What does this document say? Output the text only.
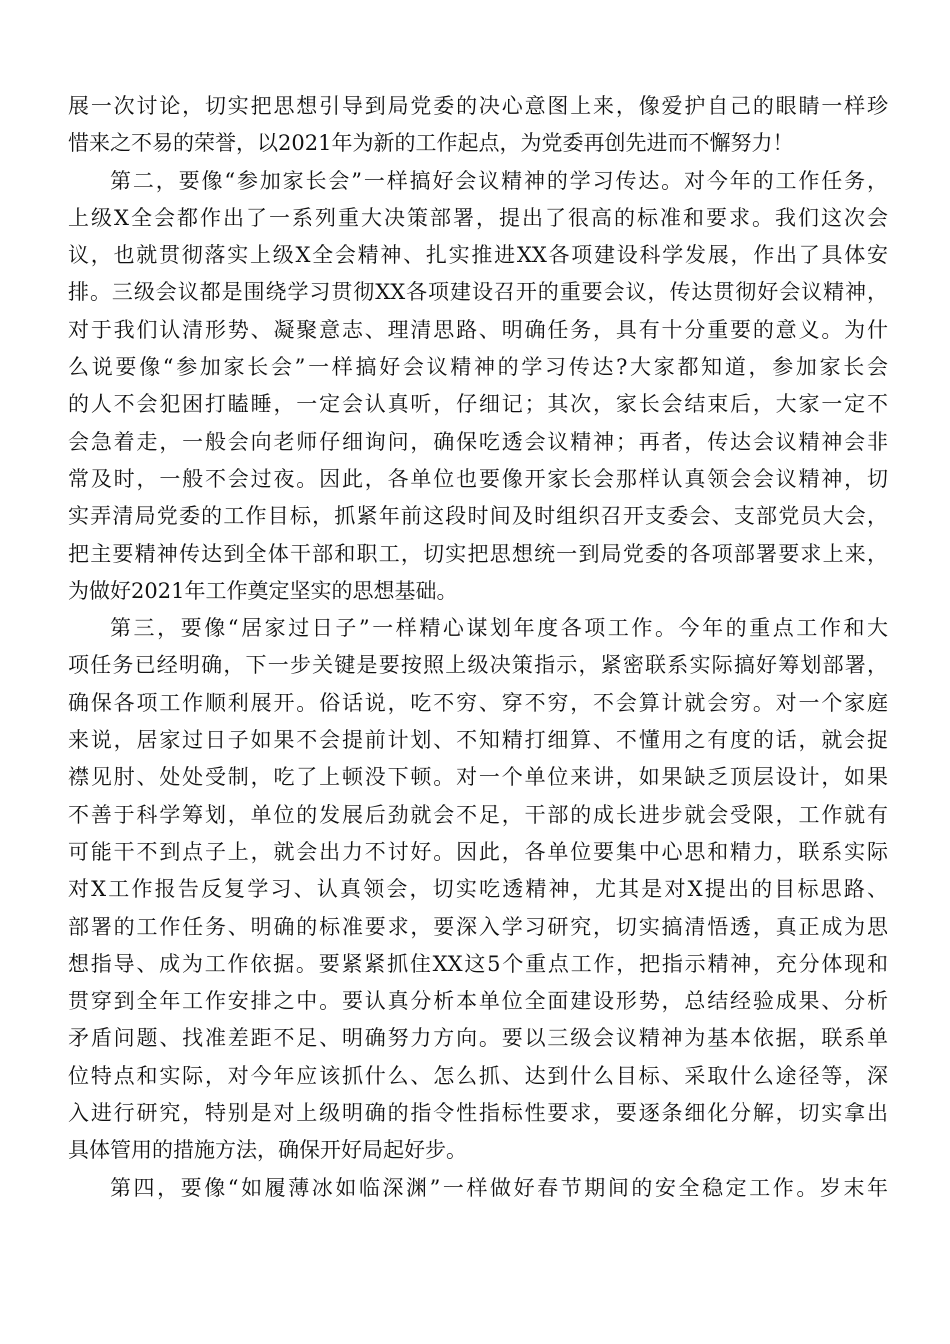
展一次讨论，切实把思想引导到局党委的决心意图上来，像爱护自己的眼睛一样珍
惜来之不易的荣誉，以2021年为新的工作起点，为党委再创先进而不懈努力！
第二，要像“参加家长会”一样搞好会议精神的学习传达。对今年的工作任务，
上级X全会都作出了一系列重大决策部署，提出了很高的标准和要求。我们这次会
议，也就贯彻落实上级X全会精神、扎实推进XX各项建设科学发展，作出了具体安
排。三级会议都是围绕学习贯彻XX各项建设召开的重要会议，传达贯彻好会议精神，
对于我们认清形势、凝聚意志、理清思路、明确任务，具有十分重要的意义。为什
么说要像“参加家长会”一样搞好会议精神的学习传达?大家都知道，参加家长会
的人不会犯困打瞌睡，一定会认真听，仔细记；其次，家长会结束后，大家一定不
会急着走，一般会向老师仔细询问，确保吃透会议精神；再者，传达会议精神会非
常及时，一般不会过夜。因此，各单位也要像开家长会那样认真领会会议精神，切
实弄清局党委的工作目标，抓紧年前这段时间及时组织召开支委会、支部党员大会，
把主要精神传达到全体干部和职工，切实把思想统一到局党委的各项部署要求上来，
为做好2021年工作奠定坚实的思想基础。
第三，要像“居家过日子”一样精心谋划年度各项工作。今年的重点工作和大
项任务已经明确，下一步关键是要按照上级决策指示，紧密联系实际搞好筹划部署，
确保各项工作顺利展开。俗话说，吃不穷、穿不穷，不会算计就会穷。对一个家庭
来说，居家过日子如果不会提前计划、不知精打细算、不懂用之有度的话，就会捉
襟见肘、处处受制，吃了上顿没下顿。对一个单位来讲，如果缺乏顶层设计，如果
不善于科学筹划，单位的发展后劲就会不足，干部的成长进步就会受限，工作就有
可能干不到点子上，就会出力不讨好。因此，各单位要集中心思和精力，联系实际
对X工作报告反复学习、认真领会，切实吃透精神，尤其是对X提出的目标思路、
部署的工作任务、明确的标准要求，要深入学习研究，切实搞清悟透，真正成为思
想指导、成为工作依据。要紧紧抓住XX这5个重点工作，把指示精神，充分体现和
贯穿到全年工作安排之中。要认真分析本单位全面建设形势，总结经验成果、分析
矛盾问题、找准差距不足、明确努力方向。要以三级会议精神为基本依据，联系单
位特点和实际，对今年应该抓什么、怎么抓、达到什么目标、采取什么途径等，深
入进行研究，特别是对上级明确的指令性指标性要求，要逐条细化分解，切实拿出
具体管用的措施方法，确保开好局起好步。
第四，要像“如履薄冰如临深渊”一样做好春节期间的安全稳定工作。岁末年
